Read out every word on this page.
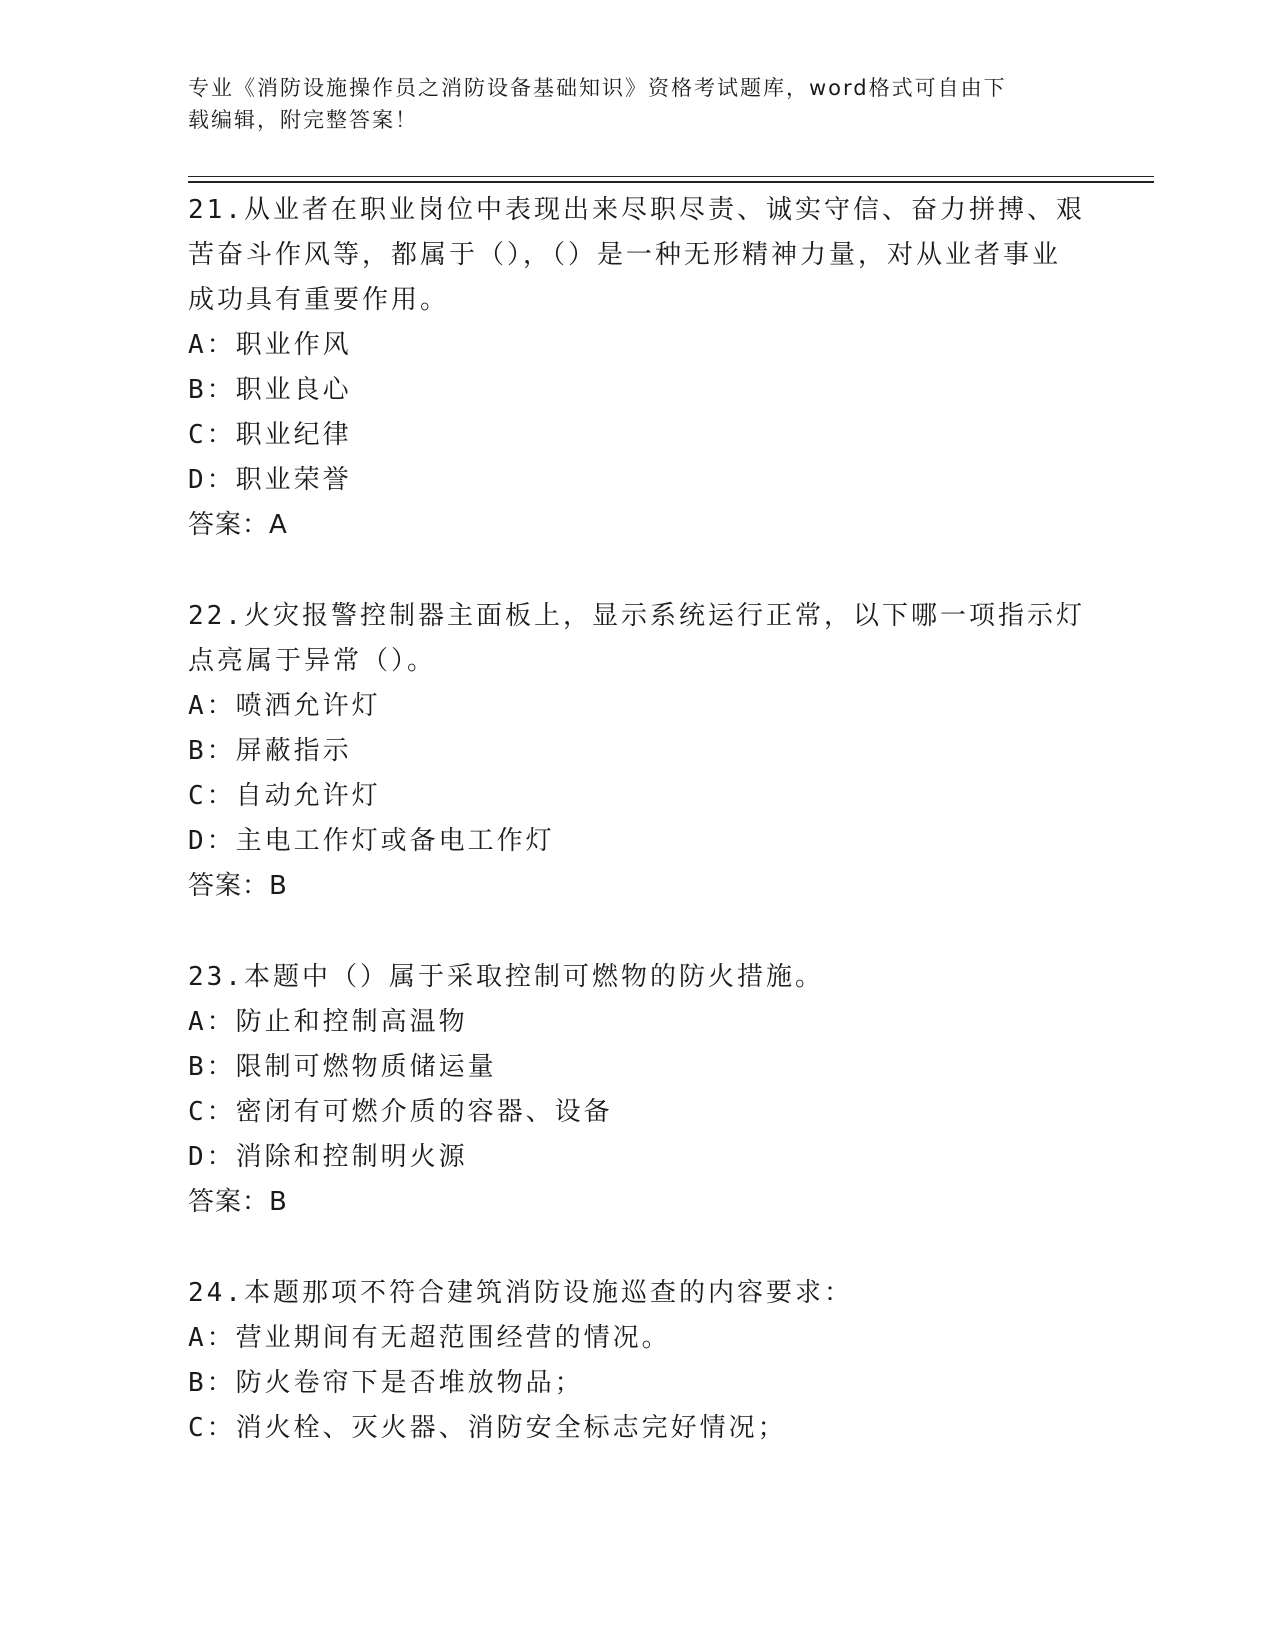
专业《消防设施操作员之消防设备基础知识》资格考试题库，word格式可自由下
载编辑，附完整答案！

21.从业者在职业岗位中表现出来尽职尽责、诚实守信、奋力拼搏、艰苦奋斗作风等，都属于（），（）是一种无形精神力量，对从业者事业成功具有重要作用。

A：职业作风

B：职业良心

C：职业纪律

D：职业荣誉

答案：A

22.火灾报警控制器主面板上，显示系统运行正常，以下哪一项指示灯点亮属于异常（）。

A：喷洒允许灯

B：屏蔽指示

C：自动允许灯

D：主电工作灯或备电工作灯

答案：B

23.本题中（）属于采取控制可燃物的防火措施。

A：防止和控制高温物

B：限制可燃物质储运量

C：密闭有可燃介质的容器、设备

D：消除和控制明火源

答案：B

24.本题那项不符合建筑消防设施巡查的内容要求：

A：营业期间有无超范围经营的情况。

B：防火卷帘下是否堆放物品；

C：消火栓、灭火器、消防安全标志完好情况；
